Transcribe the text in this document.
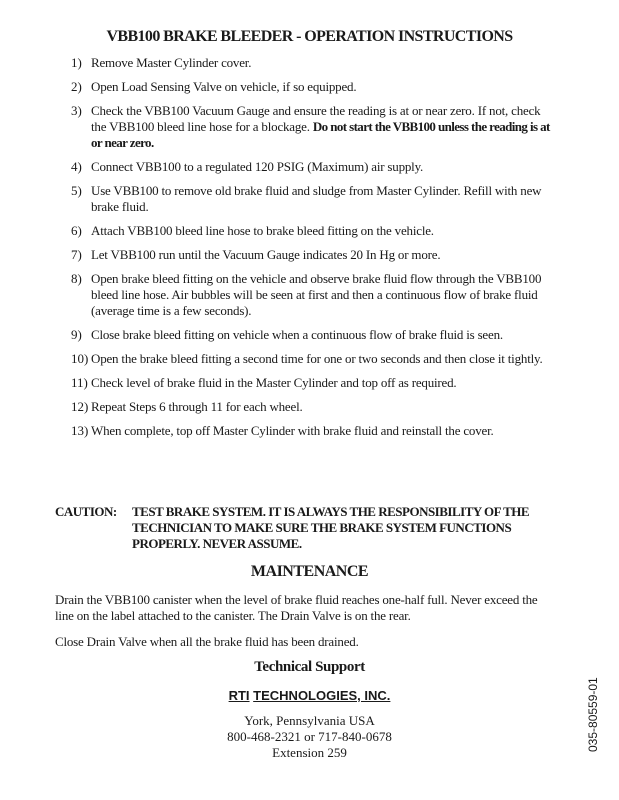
VBB100 BRAKE BLEEDER - OPERATION INSTRUCTIONS
1) Remove Master Cylinder cover.
2) Open Load Sensing Valve on vehicle, if so equipped.
3) Check the VBB100 Vacuum Gauge and ensure the reading is at or near zero. If not, check the VBB100 bleed line hose for a blockage. Do not start the VBB100 unless the reading is at or near zero.
4) Connect VBB100 to a regulated 120 PSIG (Maximum) air supply.
5) Use VBB100 to remove old brake fluid and sludge from Master Cylinder. Refill with new brake fluid.
6) Attach VBB100 bleed line hose to brake bleed fitting on the vehicle.
7) Let VBB100 run until the Vacuum Gauge indicates 20 In Hg or more.
8) Open brake bleed fitting on the vehicle and observe brake fluid flow through the VBB100 bleed line hose. Air bubbles will be seen at first and then a continuous flow of brake fluid (average time is a few seconds).
9) Close brake bleed fitting on vehicle when a continuous flow of brake fluid is seen.
10) Open the brake bleed fitting a second time for one or two seconds and then close it tightly.
11) Check level of brake fluid in the Master Cylinder and top off as required.
12) Repeat Steps 6 through 11 for each wheel.
13) When complete, top off Master Cylinder with brake fluid and reinstall the cover.
CAUTION:	TEST BRAKE SYSTEM. IT IS ALWAYS THE RESPONSIBILITY OF THE TECHNICIAN TO MAKE SURE THE BRAKE SYSTEM FUNCTIONS PROPERLY. NEVER ASSUME.
MAINTENANCE
Drain the VBB100 canister when the level of brake fluid reaches one-half full. Never exceed the line on the label attached to the canister. The Drain Valve is on the rear.
Close Drain Valve when all the brake fluid has been drained.
Technical Support
RTI TECHNOLOGIES, INC.
York, Pennsylvania USA
800-468-2321 or 717-840-0678
Extension 259
035-80559-01
